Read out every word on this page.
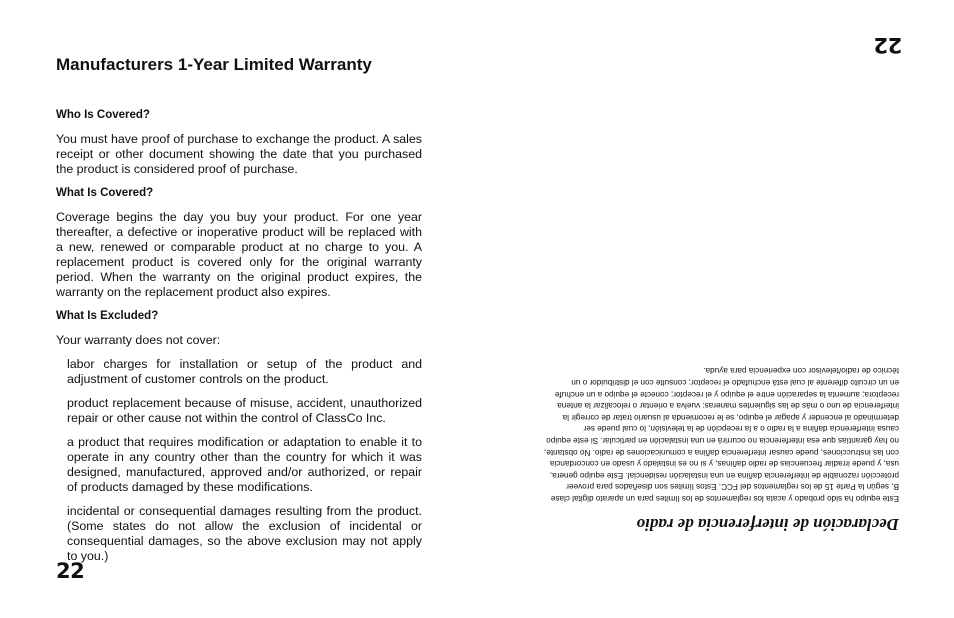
Manufacturers 1-Year Limited Warranty
Who Is Covered?

You must have proof of purchase to exchange the product. A sales receipt or other document showing the date that you purchased the product is considered proof of purchase.

What Is Covered?

Coverage begins the day you buy your product. For one year thereafter, a defective or inoperative product will be replaced with a new, renewed or comparable product at no charge to you. A replacement product is covered only for the original warranty period. When the warranty on the original product expires, the warranty on the replacement product also expires.

What Is Excluded?

Your warranty does not cover:

labor charges for installation or setup of the product and adjustment of customer controls on the product.

product replacement because of misuse, accident, unauthorized repair or other cause not within the control of ClassCo Inc.

a product that requires modification or adaptation to enable it to operate in any country other than the country for which it was designed, manufactured, approved and/or authorized, or repair of products damaged by these modifications.

incidental or consequential damages resulting from the product. (Some states do not allow the exclusion of incidental or consequential damages, so the above exclusion may not apply to you.)

22
22
Declaración de interferencia de radio

Este equipo ha sido probado y acata los reglamentos de los límites para un aparato digital clase B, según la Parte 15 de los reglamentos del FCC. Estos límites son diseñados para proveer protección razonable de interferencia dañina en una instalación residencial. Este equipo genera, usa, y puede irradiar frecuencias de radio dañinas, y si no es instalado y usado en concordancia con las instrucciones, puede causar interferencia dañina a comunicaciones de radio. No obstante, no hay garantías que esa interferencia no ocurrirá en una instalación en particular. Si este equipo causa interferencia dañina a la radio o a la recepción de la televisión, lo cual puede ser determinado al encender y apagar el equipo, se le recomienda al usuario tratar de corregir la interferencia de uno o más de las siguientes maneras: vuelva a orientar o relocalizar la antena receptora; aumenta la separación entre el equipo y el receptor; conecte el equipo a un enchufe en un circuito diferente al cual está enchufado el receptor; consulte con el distribuidor o un técnico de radio/televisor con experiencia para ayuda.
